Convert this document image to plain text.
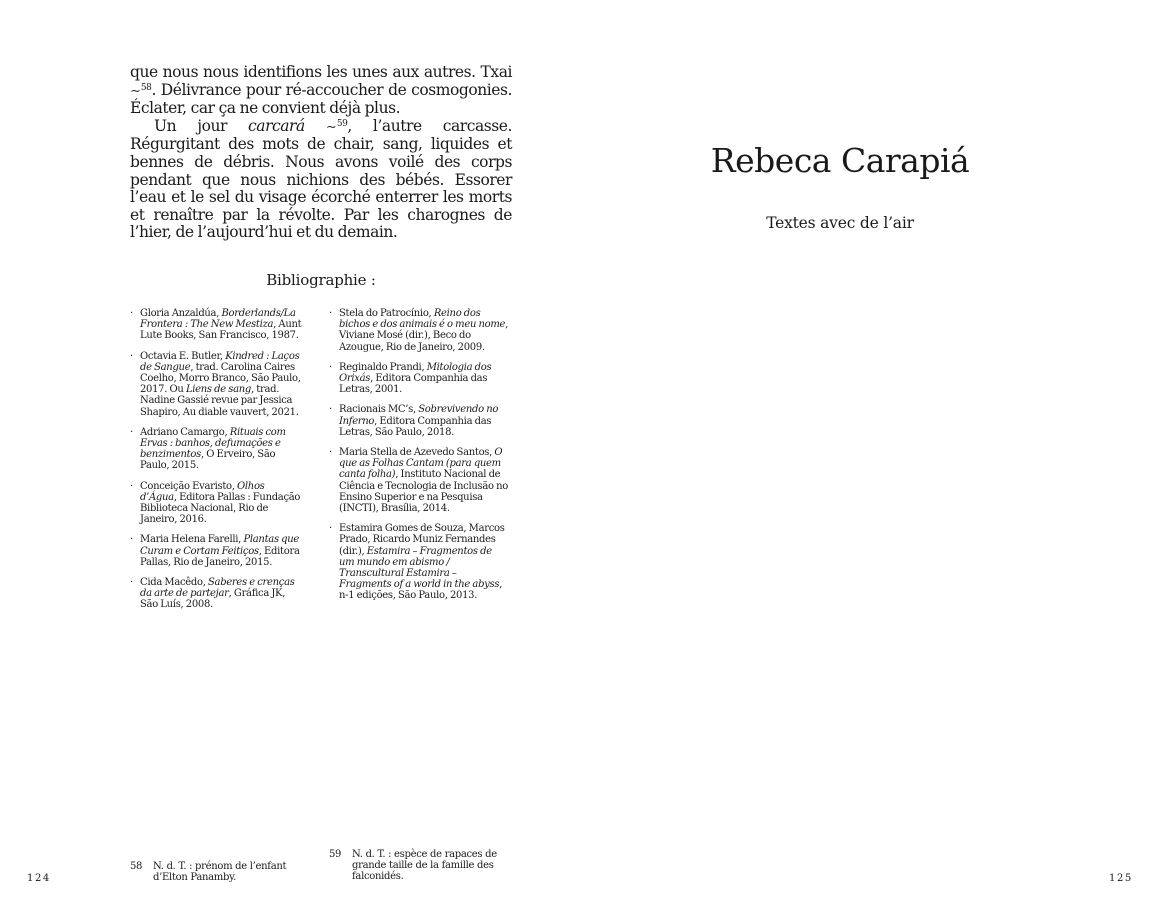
que nous nous identifions les unes aux autres. Txai ∼$^{58}$. Délivrance pour ré-accoucher de cosmogonies. Éclater, car ça ne convient déjà plus.

Un jour carcará ∼$^{59}$, l’autre carcasse. Régurgitant des mots de chair, sang, liquides et bennes de débris. Nous avons voilé des corps pendant que nous nichions des bébés. Essorer l’eau et le sel du visage écorché enterrer les morts et renaître par la révolte. Par les charognes de l’hier, de l’aujourd’hui et du demain.

Bibliographie :
· Gloria Anzaldúa, Borderlands/La Frontera : The New Mestiza, Aunt Lute Books, San Francisco, 1987.
· Octavia E. Butler, Kindred : Laços de Sangue, trad. Carolina Caires Coelho, Morro Branco, São Paulo, 2017. Ou Liens de sang, trad. Nadine Gassié revue par Jessica Shapiro, Au diable vauvert, 2021.
· Adriano Camargo, Rituais com Ervas : banhos, defumações e benzimentos, O Erveiro, São Paulo, 2015.
· Conceição Evaristo, Olhos d’Água, Editora Pallas : Fundação Biblioteca Nacional, Rio de Janeiro, 2016.
· Maria Helena Farelli, Plantas que Curam e Cortam Feitiços, Editora Pallas, Rio de Janeiro, 2015.
· Cida Macêdo, Saberes e crenças da arte de partejar, Gráfica JK, São Luís, 2008.
· Stela do Patrocínio, Reino dos bichos e dos animais é o meu nome, Viviane Mosé (dir.), Beco do Azougue, Rio de Janeiro, 2009.
· Reginaldo Prandi, Mitologia dos Orixás, Editora Companhia das Letras, 2001.
· Racionais MC’s, Sobrevivendo no Inferno, Editora Companhia das Letras, São Paulo, 2018.
· Maria Stella de Azevedo Santos, O que as Folhas Cantam (para quem canta folha), Instituto Nacional de Ciência e Tecnologia de Inclusão no Ensino Superior e na Pesquisa (INCTI), Brasília, 2014.
· Estamira Gomes de Souza, Marcos Prado, Ricardo Muniz Fernandes (dir.), Estamira – Fragmentos de um mundo em abismo / Transcultural Estamira – Fragments of a world in the abyss, n-1 edições, São Paulo, 2013.
58 N. d. T. : prénom de l’enfant d’Elton Panamby.
59 N. d. T. : espèce de rapaces de grande taille de la famille des falconidés.
124
Rebeca Carapiá
Textes avec de l’air
125
